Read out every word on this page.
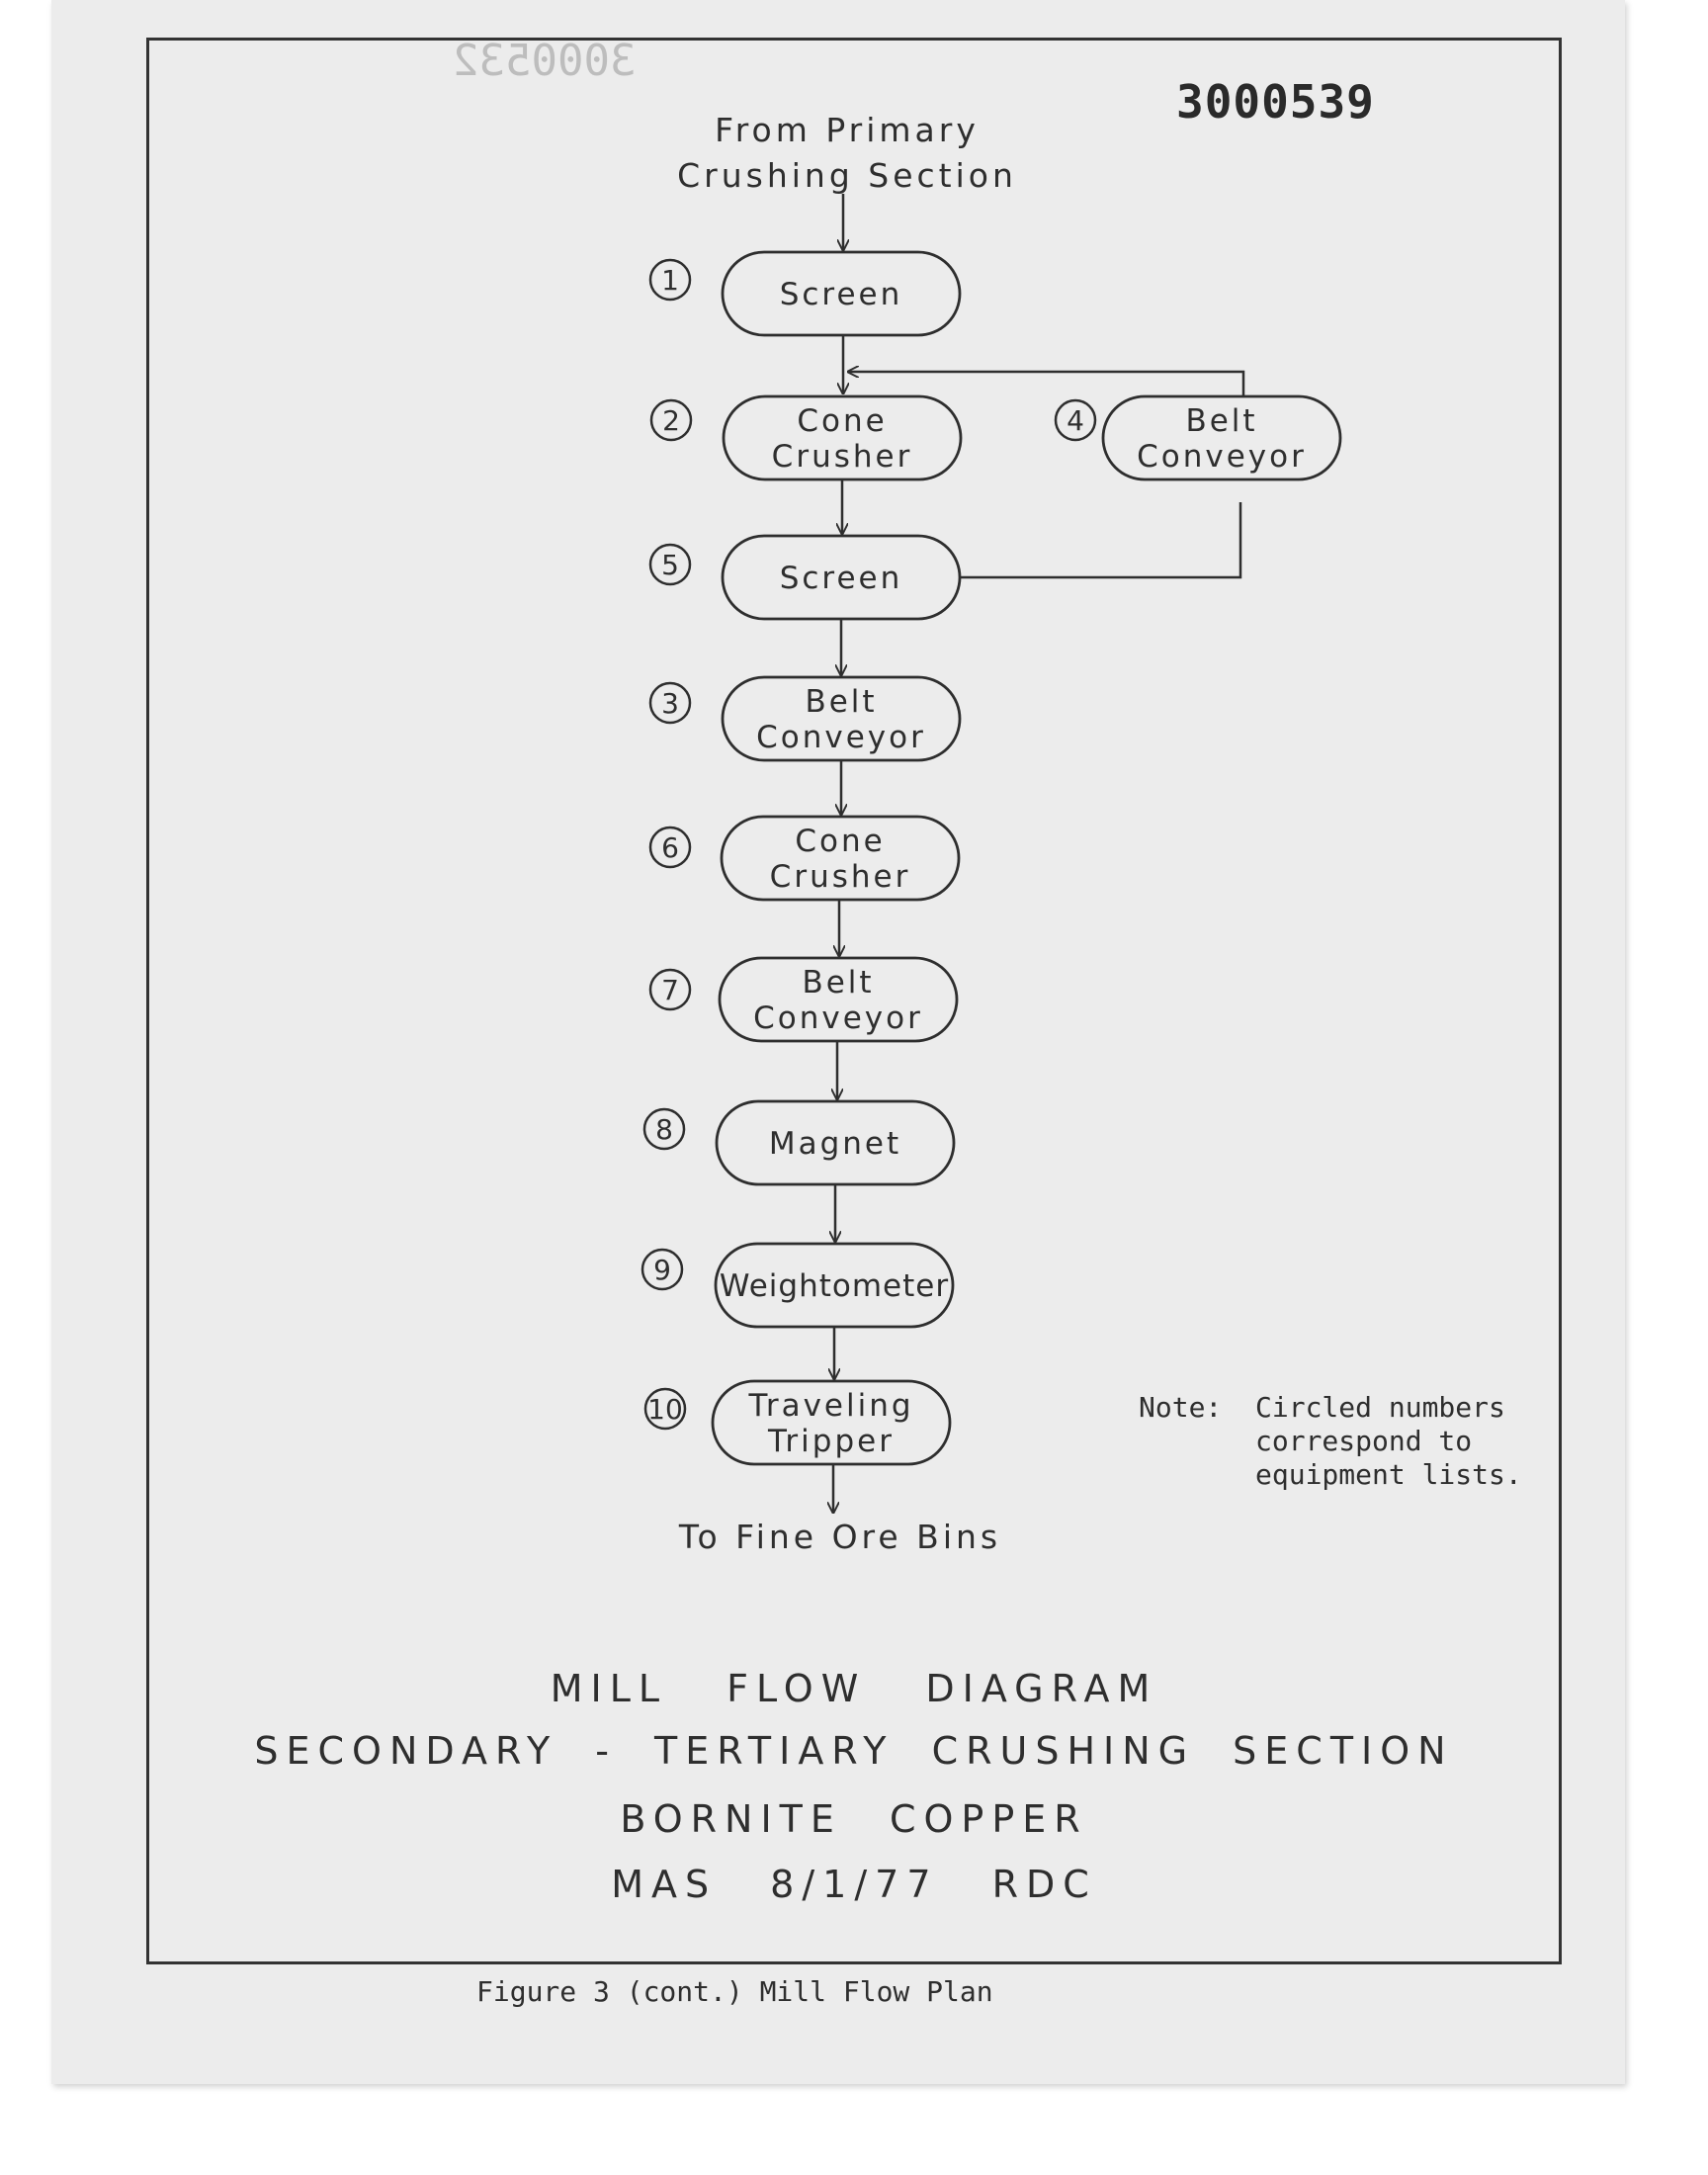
3000532
3000539
From Primary
Crushing Section
Screen
1
Cone
Crusher
2	Belt
Conveyor
4
Screen
5
Belt
Conveyor
3
Cone
Crusher
6
Belt
Conveyor
7
Magnet
8
Weightometer
9
Traveling
Tripper
10
To Fine Ore Bins
Note: Circled numbers
correspond to
equipment lists.
MILL FLOW DIAGRAM
SECONDARY - TERTIARY CRUSHING SECTION
BORNITE COPPER
MAS 8/1/77 RDC
Figure 3 (cont.) Mill Flow Plan
